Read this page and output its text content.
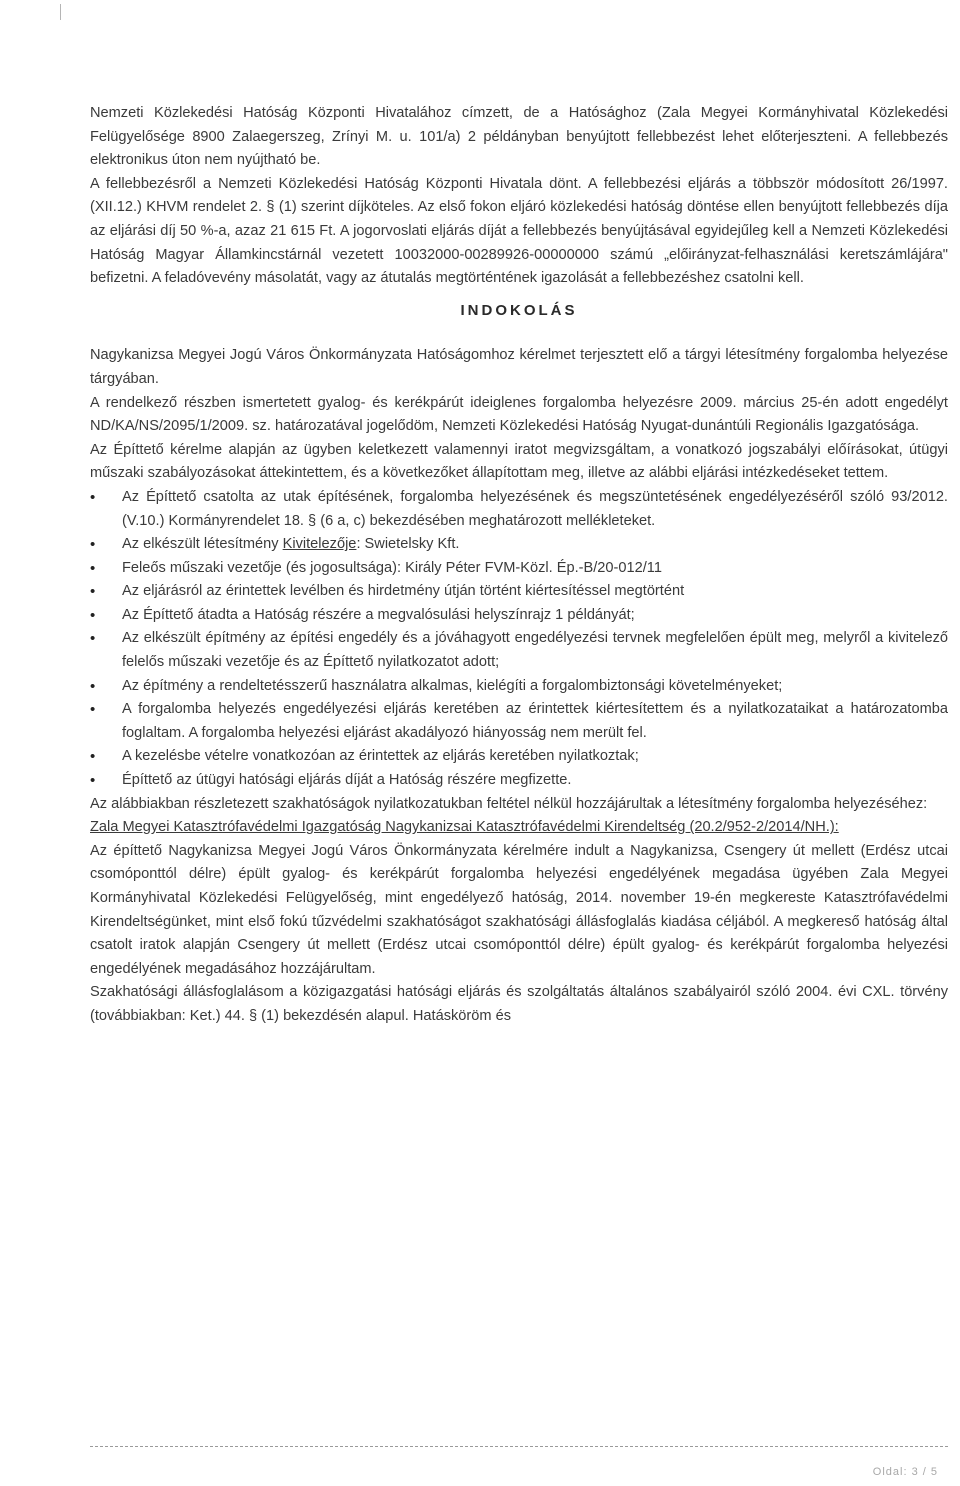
Nemzeti Közlekedési Hatóság Központi Hivatalához címzett, de a Hatósághoz (Zala Megyei Kormányhivatal Közlekedési Felügyelősége 8900 Zalaegerszeg, Zrínyi M. u. 101/a) 2 példányban benyújtott fellebbezést lehet előterjeszteni. A fellebbezés elektronikus úton nem nyújtható be.

A fellebbezésről a Nemzeti Közlekedési Hatóság Központi Hivatala dönt. A fellebbezési eljárás a többször módosított 26/1997. (XII.12.) KHVM rendelet 2. § (1) szerint díjköteles. Az első fokon eljáró közlekedési hatóság döntése ellen benyújtott fellebbezés díja az eljárási díj 50 %-a, azaz 21 615 Ft. A jogorvoslati eljárás díját a fellebbezés benyújtásával egyidejűleg kell a Nemzeti Közlekedési Hatóság Magyar Államkincstárnál vezetett 10032000-00289926-00000000 számú „előirányzat-felhasználási keretszámlájára" befizetni. A feladóvevény másolatát, vagy az átutalás megtörténtének igazolását a fellebbezéshez csatolni kell.

INDOKOLÁS

Nagykanizsa Megyei Jogú Város Önkormányzata Hatóságomhoz kérelmet terjesztett elő a tárgyi létesítmény forgalomba helyezése tárgyában.

A rendelkező részben ismertetett gyalog- és kerékpárút ideiglenes forgalomba helyezésre 2009. március 25-én adott engedélyt ND/KA/NS/2095/1/2009. sz. határozatával jogelődöm, Nemzeti Közlekedési Hatóság Nyugat-dunántúli Regionális Igazgatósága.

Az Építtető kérelme alapján az ügyben keletkezett valamennyi iratot megvizsgáltam, a vonatkozó jogszabályi előírásokat, útügyi műszaki szabályozásokat áttekintettem, és a következőket állapítottam meg, illetve az alábbi eljárási intézkedéseket tettem.

• Az Építtető csatolta az utak építésének, forgalomba helyezésének és megszüntetésének engedélyezéséről szóló 93/2012. (V.10.) Kormányrendelet 18. § (6 a, c) bekezdésében meghatározott mellékleteket.
• Az elkészült létesítmény Kivitelezője: Swietelsky Kft.
• Feleős műszaki vezetője (és jogosultsága): Király Péter FVM-Közl. Ép.-B/20-012/11
• Az eljárásról az érintettek levélben és hirdetmény útján történt kiértesítéssel megtörtént
• Az Építtető átadta a Hatóság részére a megvalósulási helyszínrajz 1 példányát;
• Az elkészült építmény az építési engedély és a jóváhagyott engedélyezési tervnek megfelelően épült meg, melyről a kivitelező felelős műszaki vezetője és az Építtető nyilatkozatot adott;
• Az építmény a rendeltetésszerű használatra alkalmas, kielégíti a forgalombiztonsági követelményeket;
• A forgalomba helyezés engedélyezési eljárás keretében az érintettek kiértesítettem és a nyilatkozataikat a határozatomba foglaltam. A forgalomba helyezési eljárást akadályozó hiányosság nem merült fel.
• A kezelésbe vételre vonatkozóan az érintettek az eljárás keretében nyilatkoztak;
• Építtető az útügyi hatósági eljárás díját a Hatóság részére megfizette.

Az alábbiakban részletezett szakhatóságok nyilatkozatukban feltétel nélkül hozzájárultak a létesítmény forgalomba helyezéséhez:

Zala Megyei Katasztrófavédelmi Igazgatóság Nagykanizsai Katasztrófavédelmi Kirendeltség (20.2/952-2/2014/NH.):

Az építtető Nagykanizsa Megyei Jogú Város Önkormányzata kérelmére indult a Nagykanizsa, Csengery út mellett (Erdész utcai csomóponttól délre) épült gyalog- és kerékpárút forgalomba helyezési engedélyének megadása ügyében Zala Megyei Kormányhivatal Közlekedési Felügyelőség, mint engedélyező hatóság, 2014. november 19-én megkereste Katasztrófavédelmi Kirendeltségünket, mint első fokú tűzvédelmi szakhatóságot szakhatósági állásfoglalás kiadása céljából. A megkereső hatóság által csatolt iratok alapján Csengery út mellett (Erdész utcai csomóponttól délre) épült gyalog- és kerékpárút forgalomba helyezési engedélyének megadásához hozzájárultam.

Szakhatósági állásfoglalásom a közigazgatási hatósági eljárás és szolgáltatás általános szabályairól szóló 2004. évi CXL. törvény (továbbiakban: Ket.) 44. § (1) bekezdésén alapul. Hatásköröm és

Oldal: 3 / 5
